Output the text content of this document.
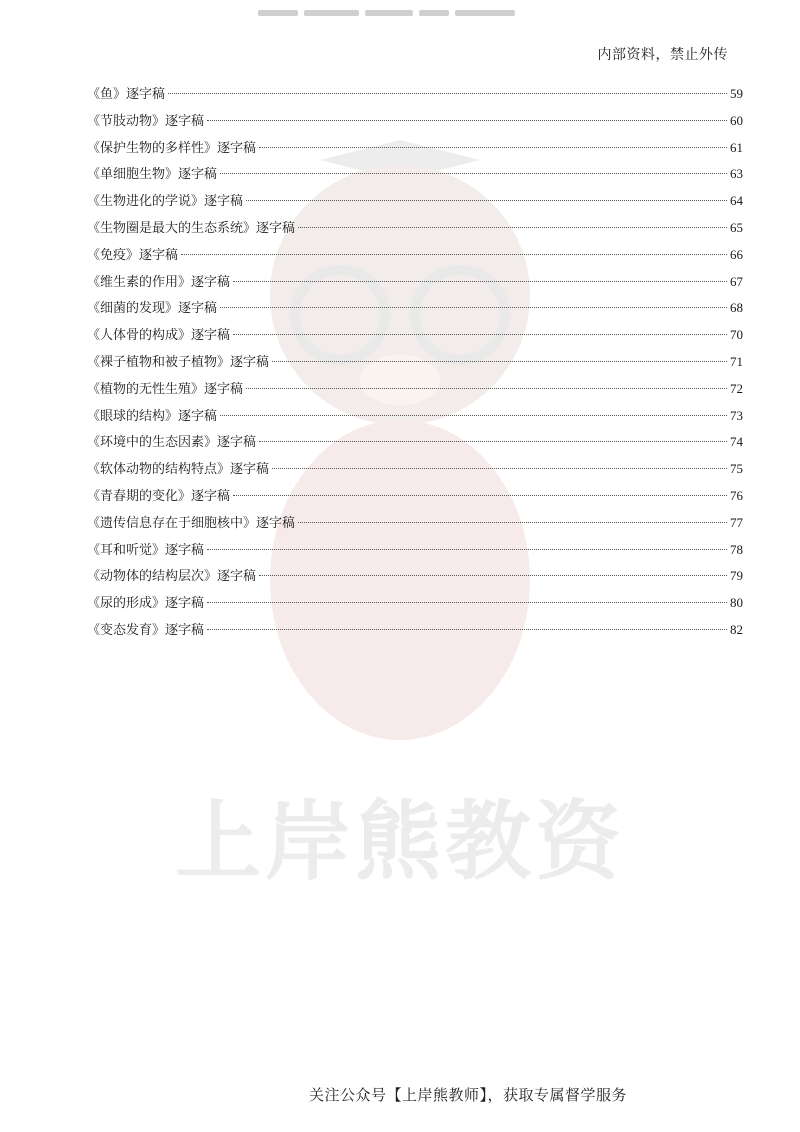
内部资料，禁止外传
上岸熊教资
《鱼》逐字稿	59
《节肢动物》逐字稿	60
《保护生物的多样性》逐字稿	61
《单细胞生物》逐字稿	63
《生物进化的学说》逐字稿	64
《生物圈是最大的生态系统》逐字稿	65
《免疫》逐字稿	66
《维生素的作用》逐字稿	67
《细菌的发现》逐字稿	68
《人体骨的构成》逐字稿	70
《裸子植物和被子植物》逐字稿	71
《植物的无性生殖》逐字稿	72
《眼球的结构》逐字稿	73
《环境中的生态因素》逐字稿	74
《软体动物的结构特点》逐字稿	75
《青春期的变化》逐字稿	76
《遗传信息存在于细胞核中》逐字稿	77
《耳和听觉》逐字稿	78
《动物体的结构层次》逐字稿	79
《尿的形成》逐字稿	80
《变态发育》逐字稿	82
关注公众号【上岸熊教师】，获取专属督学服务
